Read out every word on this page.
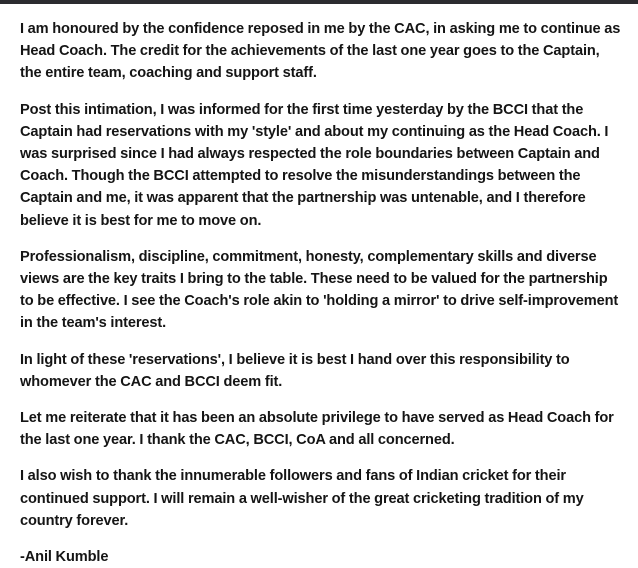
I am honoured by the confidence reposed in me by the CAC, in asking me to continue as Head Coach. The credit for the achievements of the last one year goes to the Captain, the entire team, coaching and support staff.

Post this intimation, I was informed for the first time yesterday by the BCCI that the Captain had reservations with my 'style' and about my continuing as the Head Coach. I was surprised since I had always respected the role boundaries between Captain and Coach. Though the BCCI attempted to resolve the misunderstandings between the Captain and me, it was apparent that the partnership was untenable, and I therefore believe it is best for me to move on.

Professionalism, discipline, commitment, honesty, complementary skills and diverse views are the key traits I bring to the table. These need to be valued for the partnership to be effective. I see the Coach's role akin to 'holding a mirror' to drive self-improvement in the team's interest.

In light of these 'reservations', I believe it is best I hand over this responsibility to whomever the CAC and BCCI deem fit.

Let me reiterate that it has been an absolute privilege to have served as Head Coach for the last one year. I thank the CAC, BCCI, CoA and all concerned.

I also wish to thank the innumerable followers and fans of Indian cricket for their continued support. I will remain a well-wisher of the great cricketing tradition of my country forever.

-Anil Kumble
